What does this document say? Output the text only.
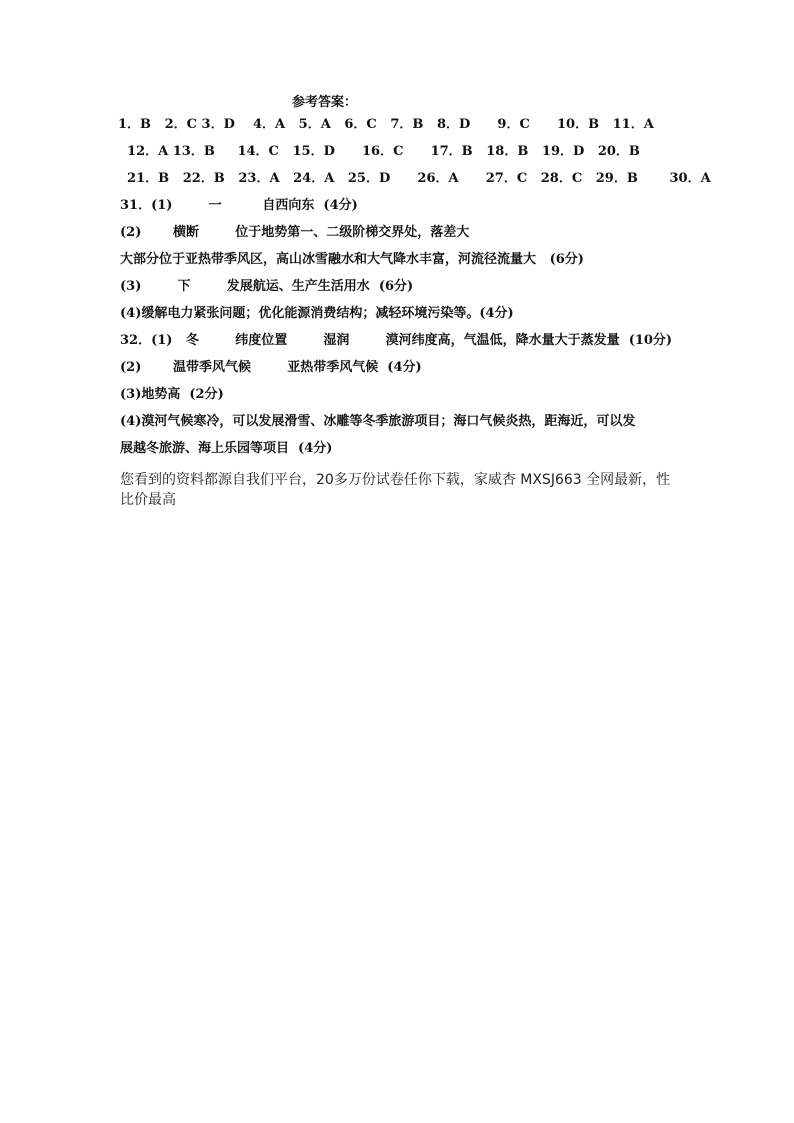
参考答案：
1．B   2．C 3．D    4．A   5．A   6．C   7．B   8．D      9．C      10．B   11．A
12．A 13．B     14．C   15．D      16．C      17．B   18．B   19．D   20．B
21．B   22．B   23．A   24．A   25．D      26．A      27．C   28．C   29．B       30．A
31．(1)        一         自西向东  (4分)
(2)       横断        位于地势第一、二级阶梯交界处，落差大
大部分位于亚热带季风区，高山冰雪融水和大气降水丰富，河流径流量大   (6分)
(3)        下        发展航运、生产生活用水  (6分)
(4)缓解电力紧张问题；优化能源消费结构；减轻环境污染等。(4分)
32．(1)   冬        纬度位置        湿润        漠河纬度高，气温低，降水量大于蒸发量  (10分)
(2)       温带季风气候        亚热带季风气候  (4分)
(3)地势高  (2分)
(4)漠河气候寒冷，可以发展滑雪、冰雕等冬季旅游项目；海口气候炎热，距海近，可以发
展越冬旅游、海上乐园等项目  (4分)
您看到的资料都源自我们平台，20多万份试卷任你下载，家威杏 MXSJ663 全网最新，性比价最高
